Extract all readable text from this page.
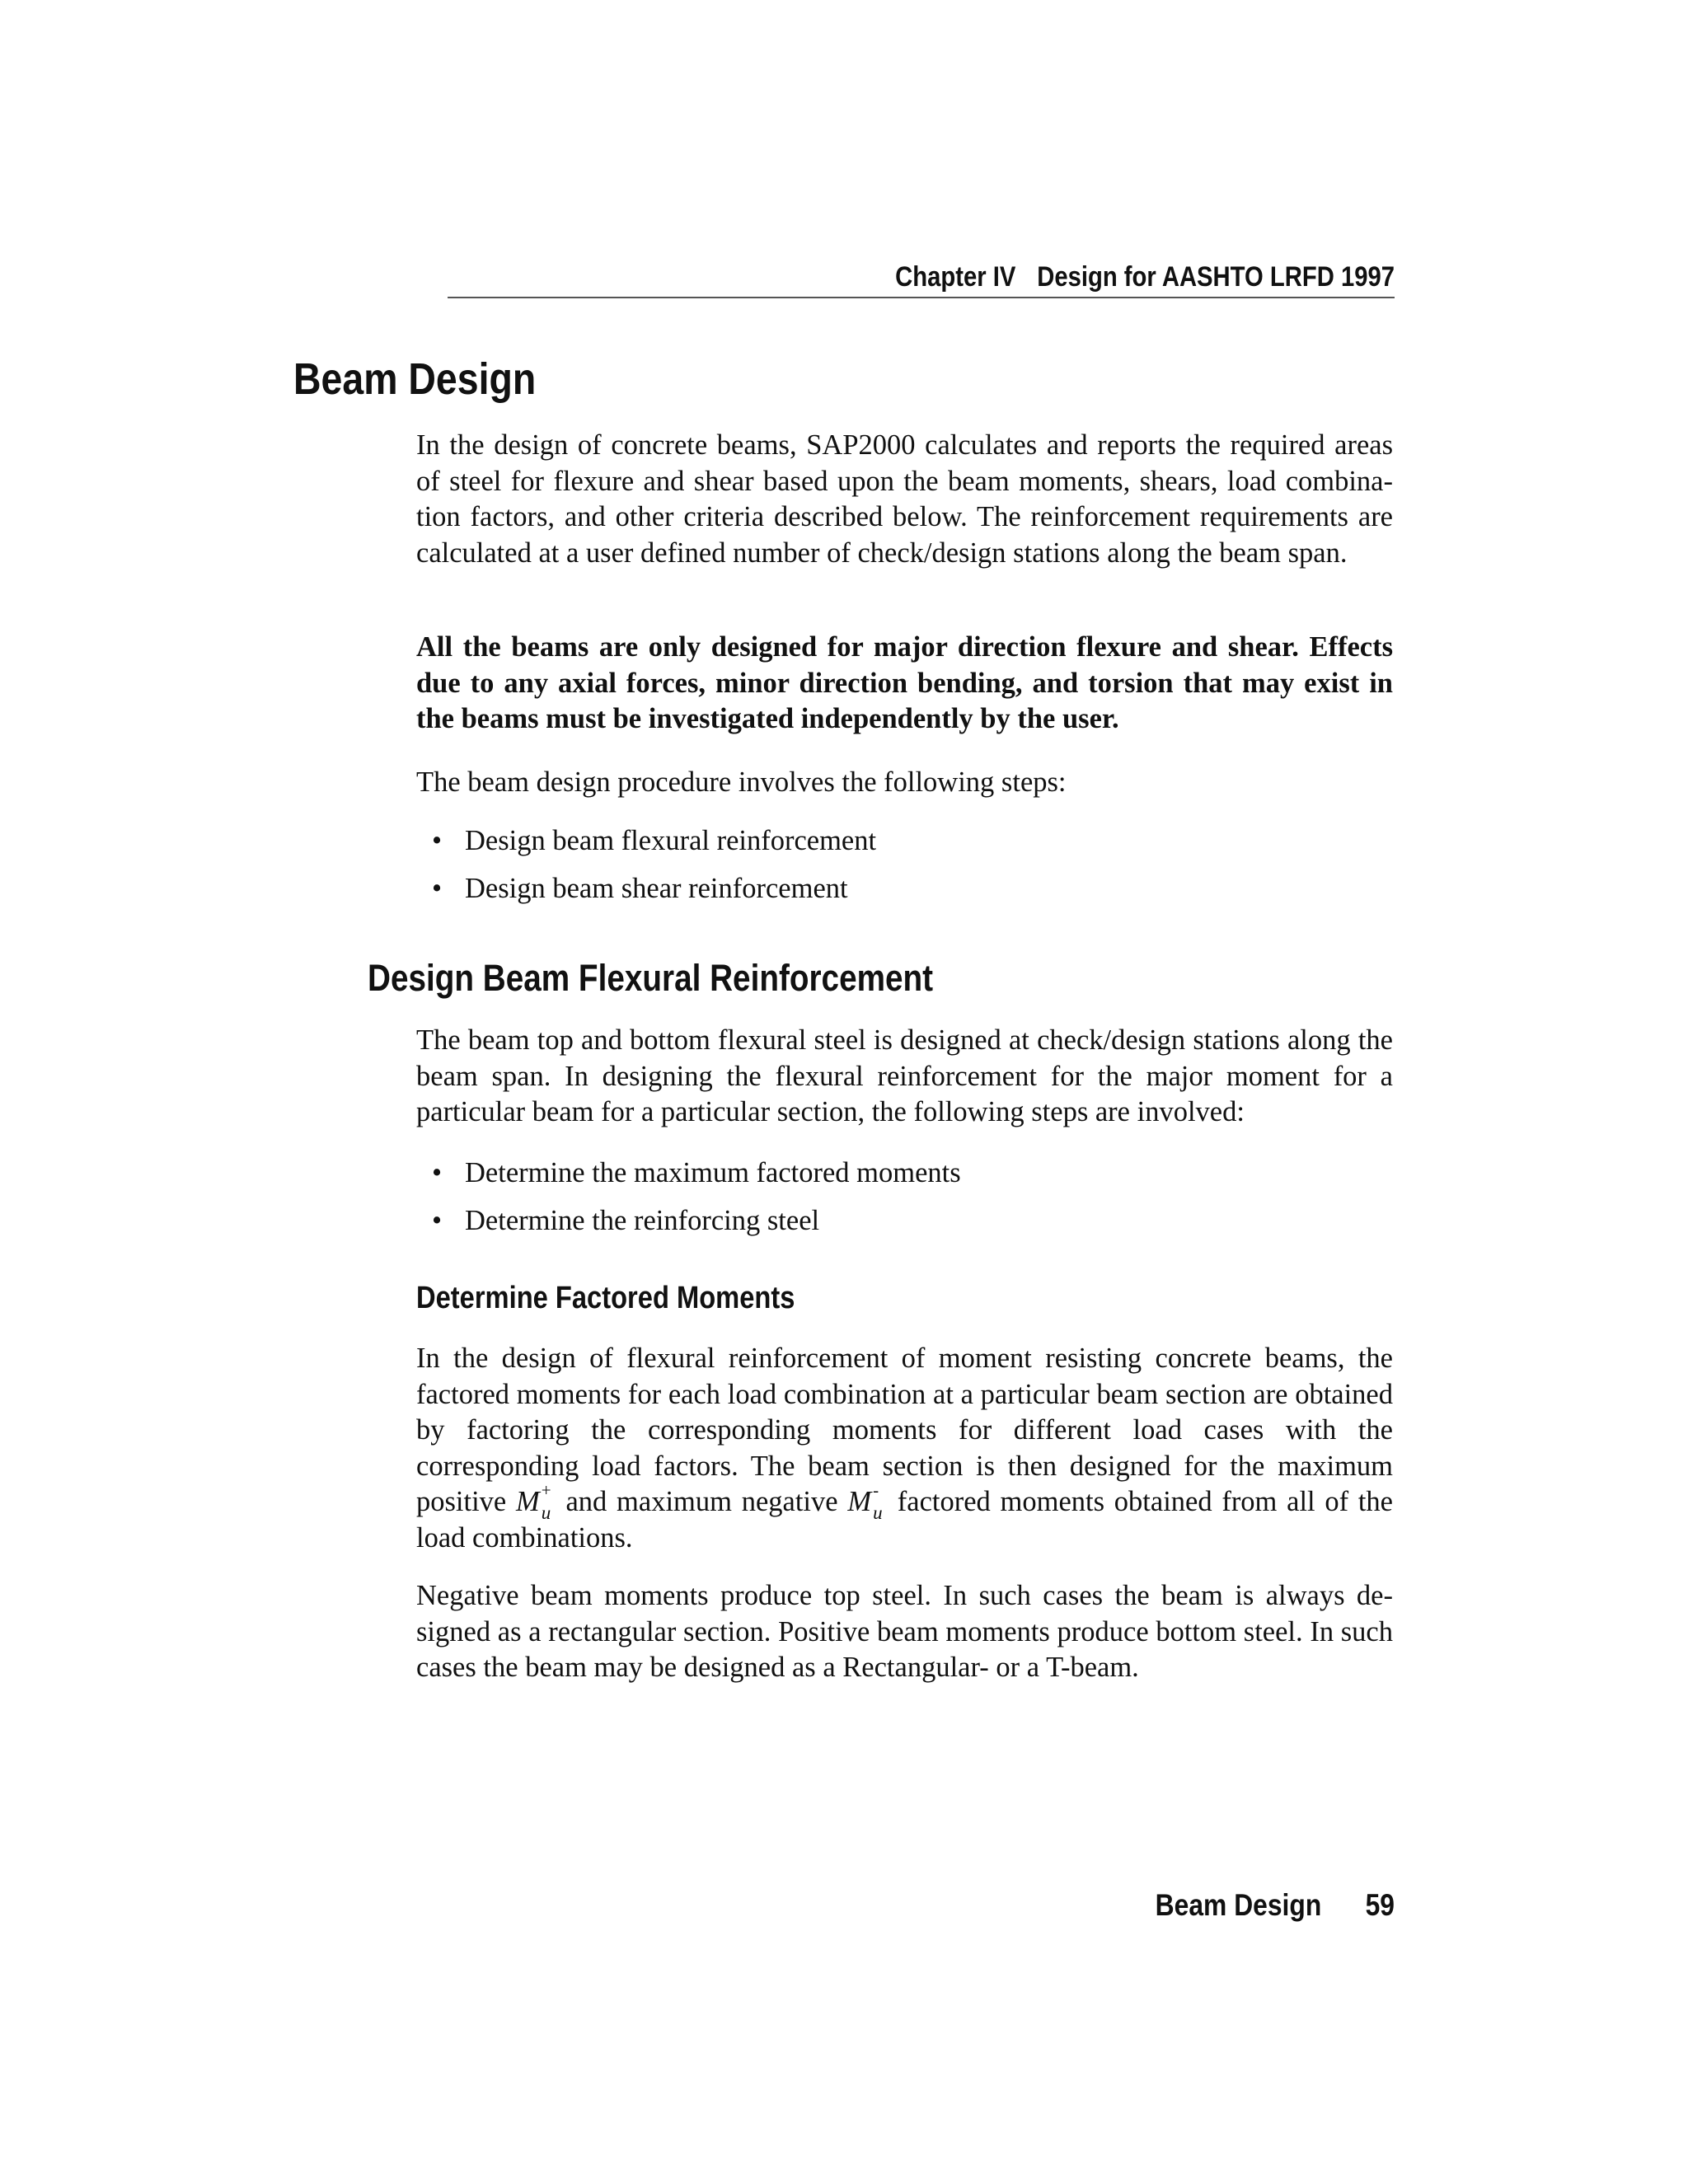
Chapter IV Design for AASHTO LRFD 1997
Beam Design

In the design of concrete beams, SAP2000 calculates and reports the required areas of steel for flexure and shear based upon the beam moments, shears, load combination factors, and other criteria described below. The reinforcement requirements are calculated at a user defined number of check/design stations along the beam span.

All the beams are only designed for major direction flexure and shear. Effects due to any axial forces, minor direction bending, and torsion that may exist in the beams must be investigated independently by the user.

The beam design procedure involves the following steps:

• Design beam flexural reinforcement
• Design beam shear reinforcement
Design Beam Flexural Reinforcement

The beam top and bottom flexural steel is designed at check/design stations along the beam span. In designing the flexural reinforcement for the major moment for a particular beam for a particular section, the following steps are involved:

• Determine the maximum factored moments
• Determine the reinforcing steel
Determine Factored Moments

In the design of flexural reinforcement of moment resisting concrete beams, the factored moments for each load combination at a particular beam section are obtained by factoring the corresponding moments for different load cases with the corresponding load factors. The beam section is then designed for the maximum positive M +
u and maximum negative M -
u factored moments obtained from all of the load combinations.

Negative beam moments produce top steel. In such cases the beam is always designed as a rectangular section. Positive beam moments produce bottom steel. In such cases the beam may be designed as a Rectangular- or a T-beam.

Beam Design 59
